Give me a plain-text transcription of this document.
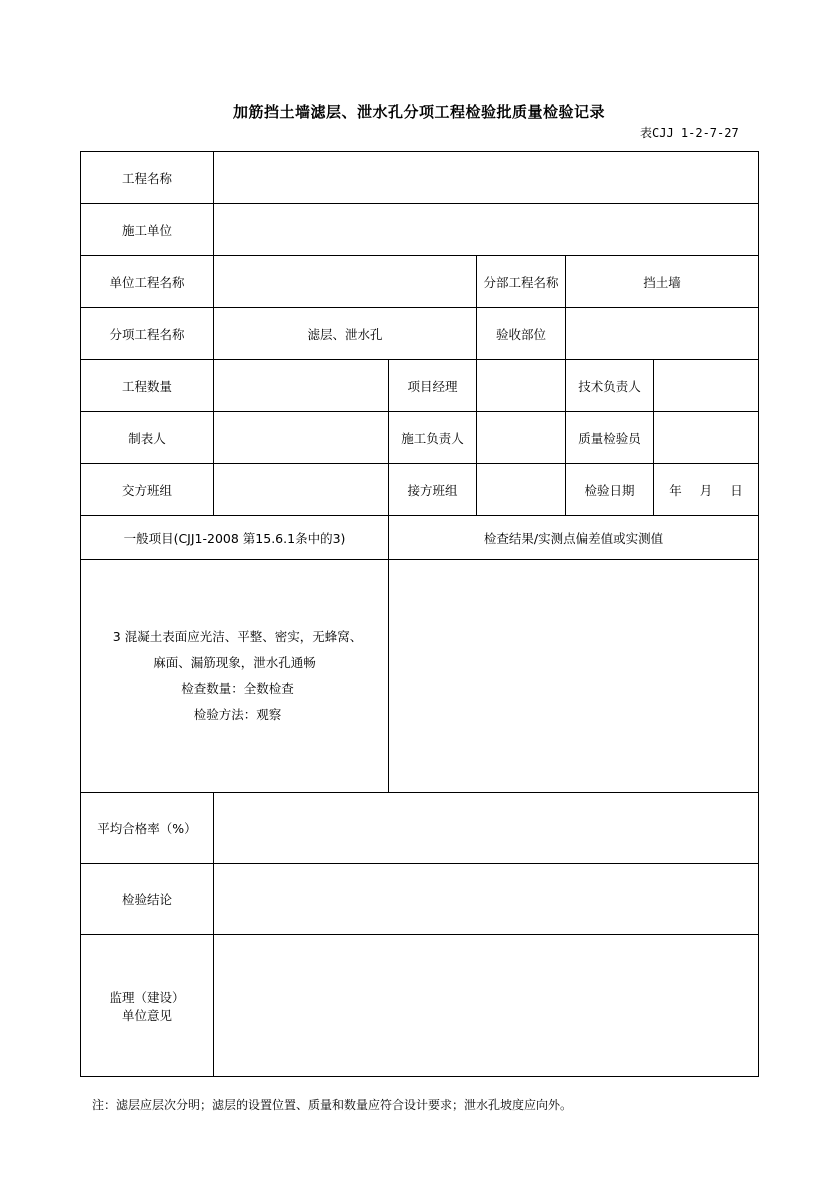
加筋挡土墙滤层、泄水孔分项工程检验批质量检验记录
表CJJ 1-2-7-27
工程名称					
施工单位					
单位工程名称			分部工程名称	挡土墙	
分项工程名称	滤层、泄水孔		验收部位		
工程数量		项目经理		技术负责人	
制表人		施工负责人		质量检验员	
交方班组		接方班组		检验日期	年 月 日
一般项目(CJJ1-2008 第15.6.1条中的3)		检查结果/实测点偏差值或实测值			

3 混凝土表面应光洁、平整、密实，无蜂窝、
麻面、漏筋现象，泄水孔通畅
检查数量：全数检查
检验方法：观察					

平均合格率（%）					
检验结论					

监理（建设）
单位意见					

注：滤层应层次分明；滤层的设置位置、质量和数量应符合设计要求；泄水孔坡度应向外。
